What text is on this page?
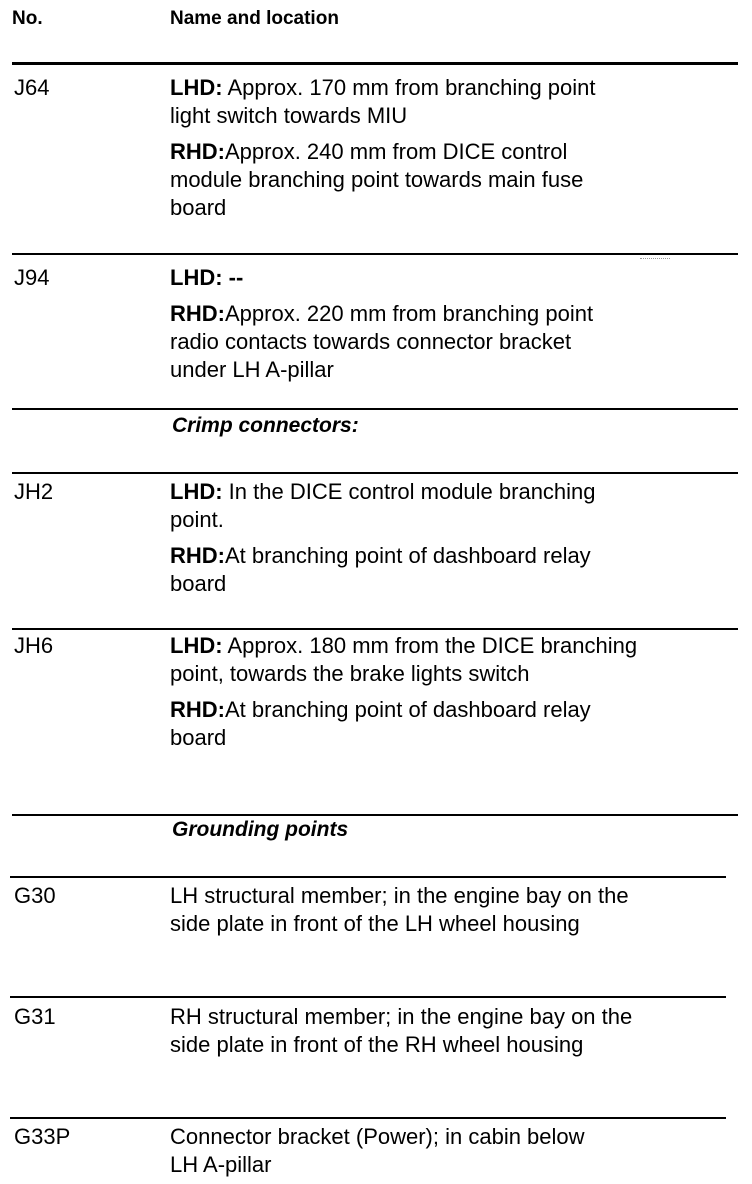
No.	Name and location
J64	LHD: Approx. 170 mm from branching point light switch towards MIU

RHD:Approx. 240 mm from DICE control module branching point towards main fuse board

J94	LHD: --

RHD:Approx. 220 mm from branching point radio contacts towards connector bracket under LH A-pillar

Crimp connectors:
JH2	LHD: In the DICE control module branching point.

RHD:At branching point of dashboard relay board

JH6	LHD: Approx. 180 mm from the DICE branching point, towards the brake lights switch

RHD:At branching point of dashboard relay board

Grounding points
G30	LH structural member; in the engine bay on the side plate in front of the LH wheel housing

G31	RH structural member; in the engine bay on the side plate in front of the RH wheel housing

G33P	Connector bracket (Power); in cabin below LH A-pillar
